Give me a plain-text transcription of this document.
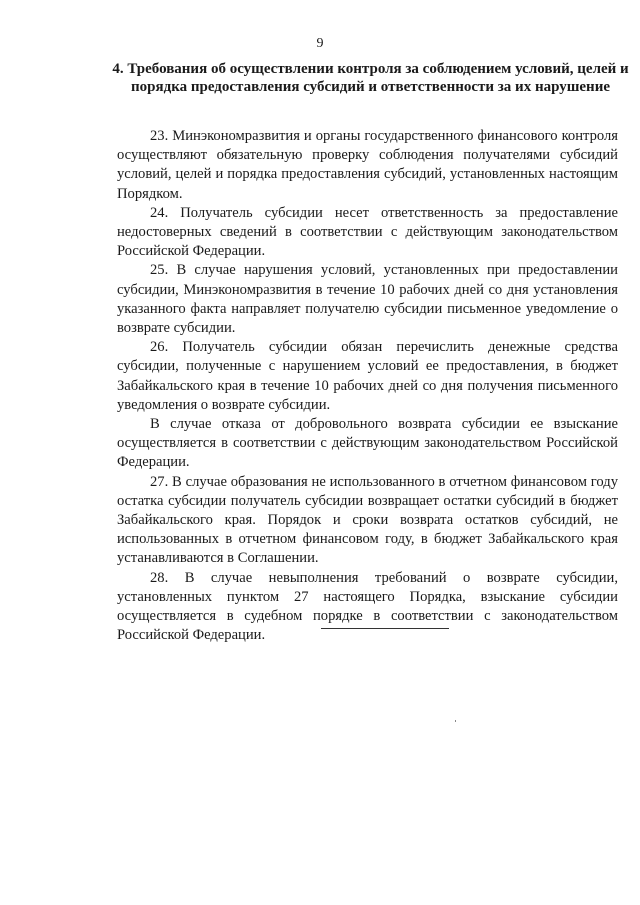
9
4. Требования об осуществлении контроля за соблюдением условий, целей и порядка предоставления субсидий и ответственности за их нарушение

23. Минэкономразвития и органы государственного финансового контроля осуществляют обязательную проверку соблюдения получателями субсидий условий, целей и порядка предоставления субсидий, установленных настоящим Порядком.

24. Получатель субсидии несет ответственность за предоставление недостоверных сведений в соответствии с действующим законодательством Российской Федерации.

25. В случае нарушения условий, установленных при предоставлении субсидии, Минэкономразвития в течение 10 рабочих дней со дня установления указанного факта направляет получателю субсидии письменное уведомление о возврате субсидии.

26. Получатель субсидии обязан перечислить денежные средства субсидии, полученные с нарушением условий ее предоставления, в бюджет Забайкальского края в течение 10 рабочих дней со дня получения письменного уведомления о возврате субсидии.

В случае отказа от добровольного возврата субсидии ее взыскание осуществляется в соответствии с действующим законодательством Российской Федерации.

27. В случае образования не использованного в отчетном финансовом году остатка субсидии получатель субсидии возвращает остатки субсидий в бюджет Забайкальского края. Порядок и сроки возврата остатков субсидий, не использованных в отчетном финансовом году, в бюджет Забайкальского края устанавливаются в Соглашении.

28. В случае невыполнения требований о возврате субсидии, установленных пунктом 27 настоящего Порядка, взыскание субсидии осуществляется в судебном порядке в соответствии с законодательством Российской Федерации.
